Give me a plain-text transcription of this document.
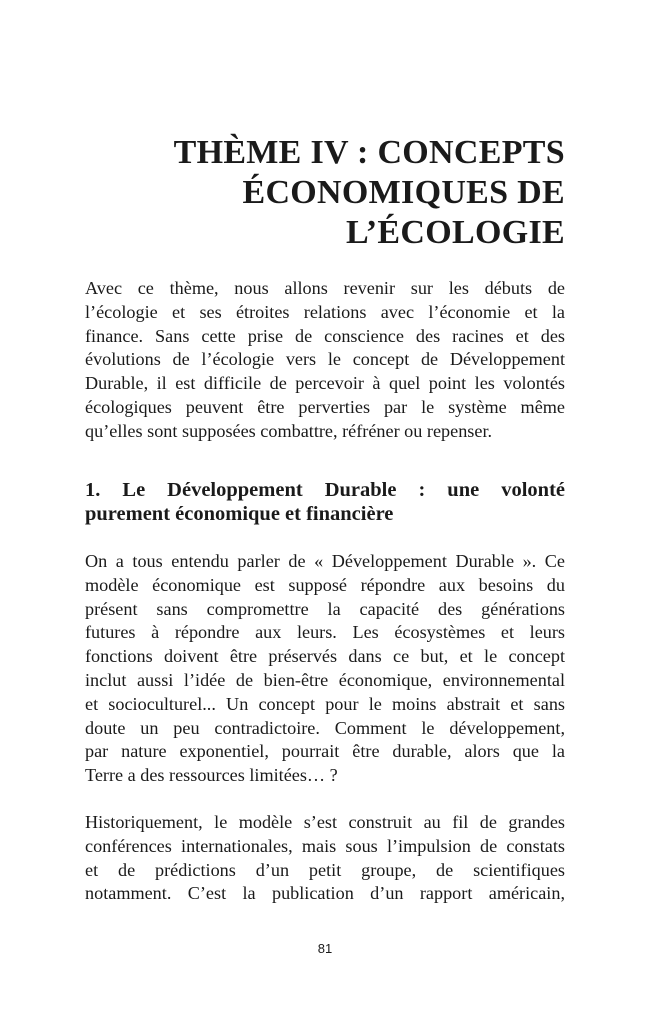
THÈME IV : CONCEPTS
ÉCONOMIQUES DE
L’ÉCOLOGIE
Avec ce thème, nous allons revenir sur les débuts de
l’écologie et ses étroites relations avec l’économie et la
finance. Sans cette prise de conscience des racines et des
évolutions de l’écologie vers le concept de Développement
Durable, il est difficile de percevoir à quel point les volontés
écologiques peuvent être perverties par le système même
qu’elles sont supposées combattre, réfréner ou repenser.
1. Le Développement Durable : une volonté
purement économique et financière
On a tous entendu parler de « Développement Durable ». Ce
modèle économique est supposé répondre aux besoins du
présent sans compromettre la capacité des générations
futures à répondre aux leurs. Les écosystèmes et leurs
fonctions doivent être préservés dans ce but, et le concept
inclut aussi l’idée de bien-être économique, environnemental
et socioculturel... Un concept pour le moins abstrait et sans
doute un peu contradictoire. Comment le développement,
par nature exponentiel, pourrait être durable, alors que la
Terre a des ressources limitées… ?
Historiquement, le modèle s’est construit au fil de grandes
conférences internationales, mais sous l’impulsion de constats
et de prédictions d’un petit groupe, de scientifiques
notamment. C’est la publication d’un rapport américain,
81
